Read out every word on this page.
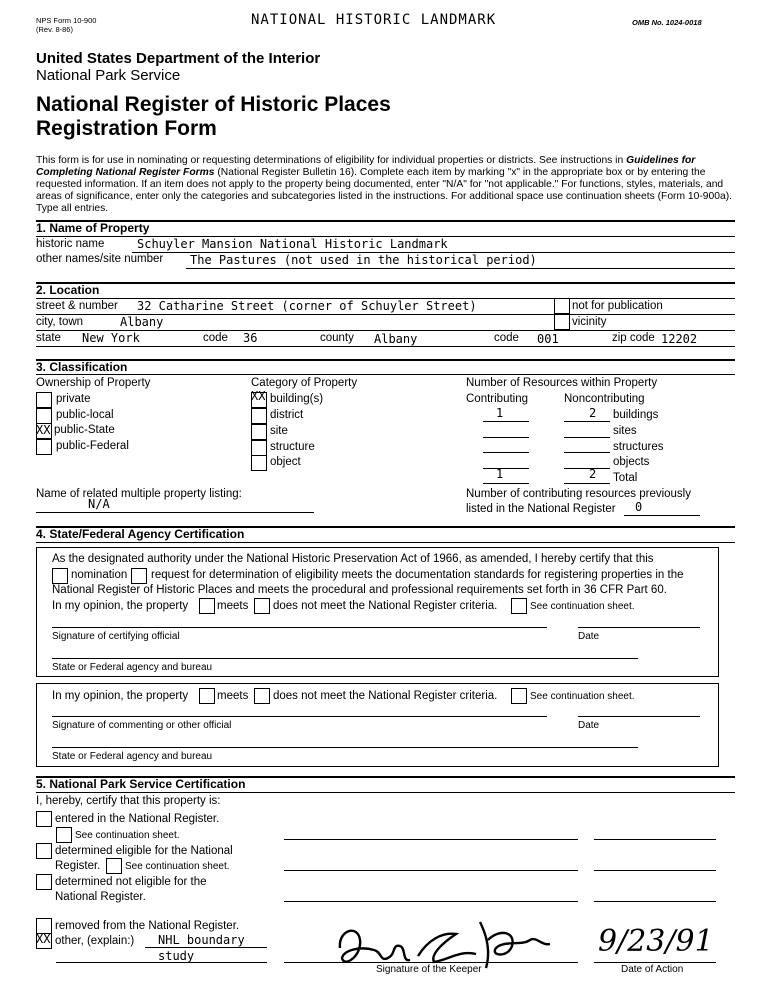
NPS Form 10-900
(Rev. 8-86)
NATIONAL HISTORIC LANDMARK	OMB No. 1024-0018
United States Department of the Interior
National Park Service
National Register of Historic Places
Registration Form
This form is for use in nominating or requesting determinations of eligibility for individual properties or districts. See instructions in Guidelines for Completing National Register Forms (National Register Bulletin 16). Complete each item by marking "x" in the appropriate box or by entering the requested information. If an item does not apply to the property being documented, enter "N/A" for "not applicable." For functions, styles, materials, and areas of significance, enter only the categories and subcategories listed in the instructions. For additional space use continuation sheets (Form 10-900a). Type all entries.
1. Name of Property
historic name	Schuyler Mansion National Historic Landmark
other names/site number The Pastures (not used in the historical period)
2. Location
street & number 32 Catharine Street (corner of Schuyler Street)	not for publication
city, town	Albany	vicinity
state New York	code 36	county Albany	code 001	zip code 12202
3. Classification
Ownership of Property
private
public-local
XX public-State
public-Federal
Category of Property
XX building(s)
district
site
structure
object
Number of Resources within Property
Contributing	Noncontributing
1	2 buildings
sites
structures
objects
1	2 Total
Name of related multiple property listing:
N/A
Number of contributing resources previously
listed in the National Register 0
4. State/Federal Agency Certification
As the designated authority under the National Historic Preservation Act of 1966, as amended, I hereby certify that this
nomination request for determination of eligibility meets the documentation standards for registering properties in the
National Register of Historic Places and meets the procedural and professional requirements set forth in 36 CFR Part 60.
In my opinion, the property	meets does not meet the National Register criteria.	See continuation sheet.
Signature of certifying official	Date
State or Federal agency and bureau
In my opinion, the property	meets does not meet the National Register criteria.	See continuation sheet.
Signature of commenting or other official	Date
State or Federal agency and bureau
5. National Park Service Certification
I, hereby, certify that this property is:
entered in the National Register.
See continuation sheet.
determined eligible for the National
Register. See continuation sheet.
determined not eligible for the
National Register.
removed from the National Register.
XX other, (explain:) NHL boundary
study
Signature of the Keeper
9/23/91
Date of Action
